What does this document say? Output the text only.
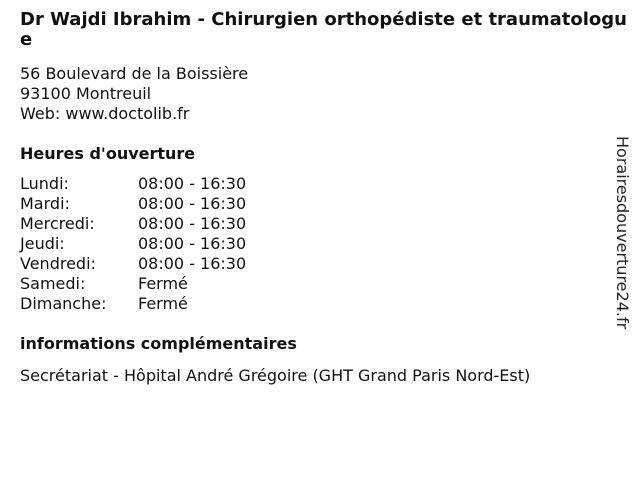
Dr Wajdi Ibrahim - Chirurgien orthopédiste et traumatologue
56 Boulevard de la Boissière
93100 Montreuil
Web: www.doctolib.fr
Heures d'ouverture
Lundi:	08:00 - 16:30
Mardi:	08:00 - 16:30
Mercredi:	08:00 - 16:30
Jeudi:	08:00 - 16:30
Vendredi:	08:00 - 16:30
Samedi:	Fermé
Dimanche:	Fermé
informations complémentaires
Secrétariat - Hôpital André Grégoire (GHT Grand Paris Nord-Est)
Horairesdouverture24.fr
